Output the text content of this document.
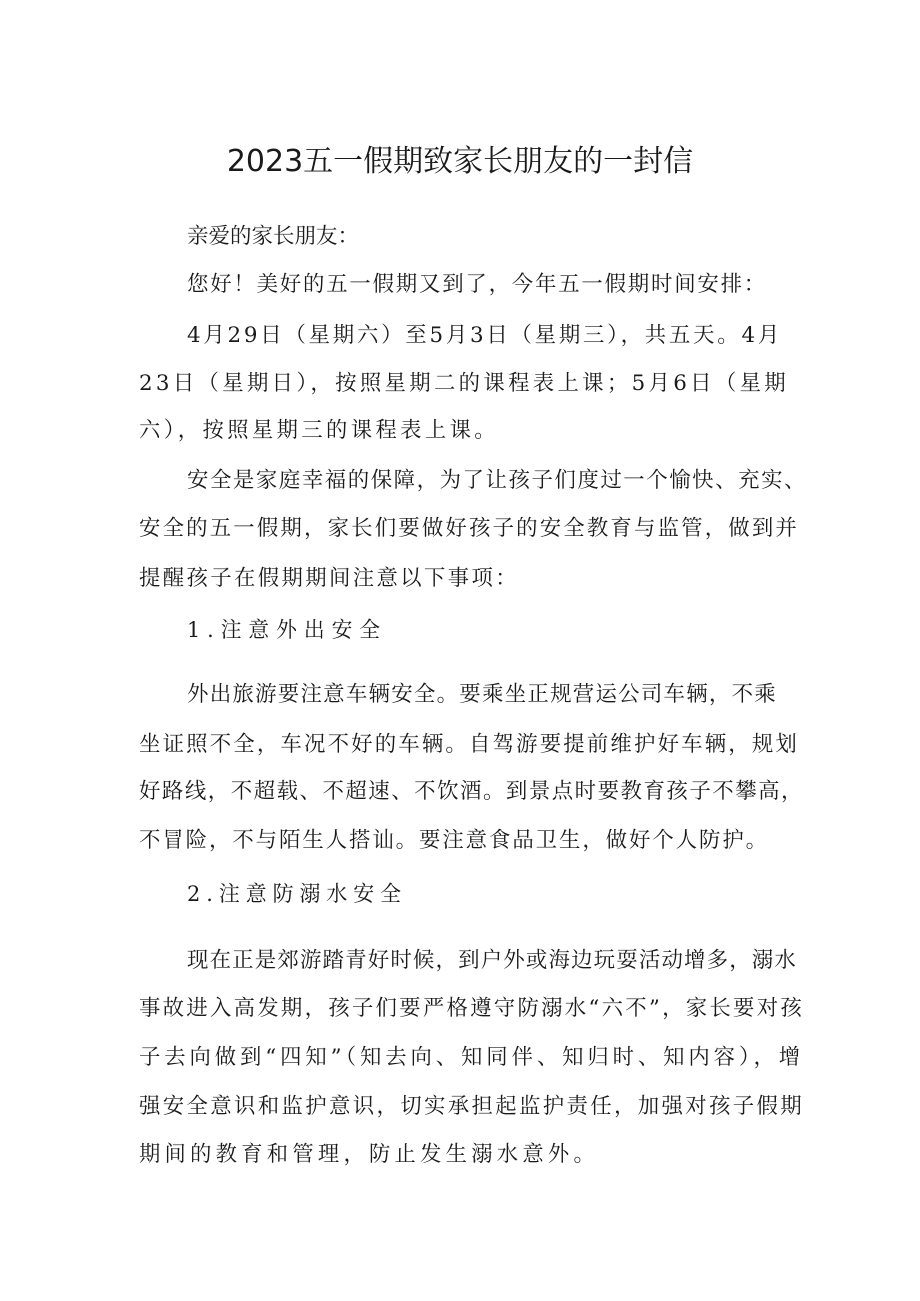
2023五一假期致家长朋友的一封信
亲爱的家长朋友：
您好！美好的五一假期又到了，今年五一假期时间安排：
4月29日（星期六）至5月3日（星期三），共五天。4月
23日（星期日），按照星期二的课程表上课；5月6日（星期
六），按照星期三的课程表上课。
安全是家庭幸福的保障，为了让孩子们度过一个愉快、充实、
安全的五一假期，家长们要做好孩子的安全教育与监管，做到并
提醒孩子在假期期间注意以下事项：
1.注意外出安全
外出旅游要注意车辆安全。要乘坐正规营运公司车辆，不乘
坐证照不全，车况不好的车辆。自驾游要提前维护好车辆，规划
好路线，不超载、不超速、不饮酒。到景点时要教育孩子不攀高，
不冒险，不与陌生人搭讪。要注意食品卫生，做好个人防护。
2.注意防溺水安全
现在正是郊游踏青好时候，到户外或海边玩耍活动增多，溺水
事故进入高发期，孩子们要严格遵守防溺水“六不”，家长要对孩
子去向做到“四知”（知去向、知同伴、知归时、知内容），增
强安全意识和监护意识，切实承担起监护责任，加强对孩子假期
期间的教育和管理，防止发生溺水意外。
